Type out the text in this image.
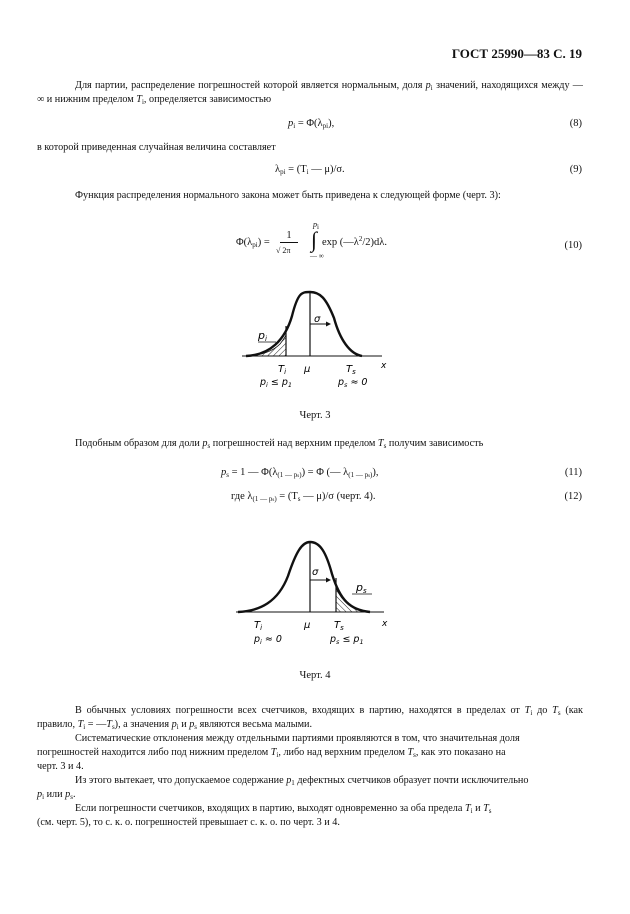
ГОСТ 25990—83 С. 19
Для партии, распределение погрешностей которой является нормальным, доля $p_i$ значений, находящихся между — ∞ и нижним пределом $T_i$, определяется зависимостью
$p_i = \Phi(\lambda_{pi})$,	(8)
в которой приведенная случайная величина составляет
$\lambda_{pi} = (T_i$ — μ)/σ.	(9)
Функция распределения нормального закона может быть приведена к следующей форме (черт. 3):
$\Phi(\lambda_{pi})$ =
1
√ 2π
$p_i$
∫
— ∞
$\exp (—\lambda^2/2)d\lambda$.	(10)
pi
σ
x
$T_i$ μ	$T_s$
$p_i \le p_1$	$p_s \approx 0$
Черт. 3
Подобным образом для доли $p_s$ погрешностей над верхним пределом $T_s$ получим зависимость
$p_s = 1$ — $\Phi(\lambda_{(1 — ps)}) = \Phi$ (— $\lambda_{(1 — ps)}$),	(11)
где $\lambda_{(1 — ps)} = (T_s$ — μ)/σ (черт. 4).	(12)
ps
σ
x
$T_i$	μ $T_s$
$p_i \approx 0$	$p_s \le p_1$
Черт. 4
В обычных условиях погрешности всех счетчиков, входящих в партию, находятся в пределах от $T_i$ до $T_s$ (как правило, $T_i$ = $—T_s$), а значения $p_i$ и $p_s$ являются весьма малыми.
Систематические отклонения между отдельными партиями проявляются в том, что значительная доля
погрешностей находится либо под нижним пределом $T_i$, либо над верхним пределом $T_s$, как это показано на
черт. 3 и 4.
Из этого вытекает, что допускаемое содержание $p_1$ дефектных счетчиков образует почти исключительно
$p_i$ или $p_s$.
Если погрешности счетчиков, входящих в партию, выходят одновременно за оба предела $T_i$ и $T_s$
(см. черт. 5), то с. к. о. погрешностей превышает с. к. о. по черт. 3 и 4.
